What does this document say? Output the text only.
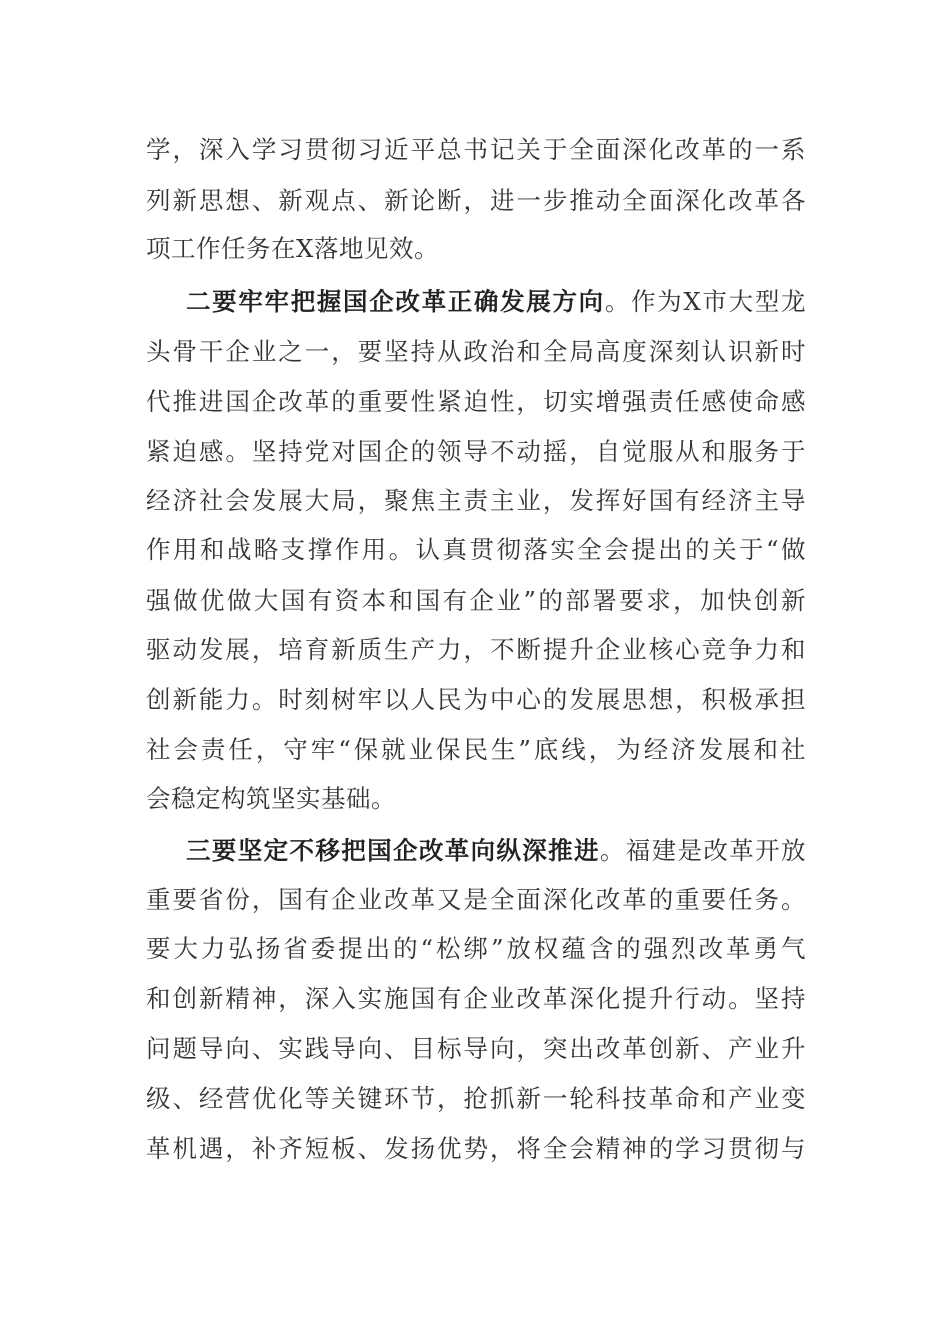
学，深入学习贯彻习近平总书记关于全面深化改革的一系
列新思想、新观点、新论断，进一步推动全面深化改革各
项工作任务在X落地见效。
二要牢牢把握国企改革正确发展方向。作为X市大型龙
头骨干企业之一，要坚持从政治和全局高度深刻认识新时
代推进国企改革的重要性紧迫性，切实增强责任感使命感
紧迫感。坚持党对国企的领导不动摇，自觉服从和服务于
经济社会发展大局，聚焦主责主业，发挥好国有经济主导
作用和战略支撑作用。认真贯彻落实全会提出的关于“做
强做优做大国有资本和国有企业”的部署要求，加快创新
驱动发展，培育新质生产力，不断提升企业核心竞争力和
创新能力。时刻树牢以人民为中心的发展思想，积极承担
社会责任，守牢“保就业保民生”底线，为经济发展和社
会稳定构筑坚实基础。
三要坚定不移把国企改革向纵深推进。福建是改革开放
重要省份，国有企业改革又是全面深化改革的重要任务。
要大力弘扬省委提出的“松绑”放权蕴含的强烈改革勇气
和创新精神，深入实施国有企业改革深化提升行动。坚持
问题导向、实践导向、目标导向，突出改革创新、产业升
级、经营优化等关键环节，抢抓新一轮科技革命和产业变
革机遇，补齐短板、发扬优势，将全会精神的学习贯彻与
